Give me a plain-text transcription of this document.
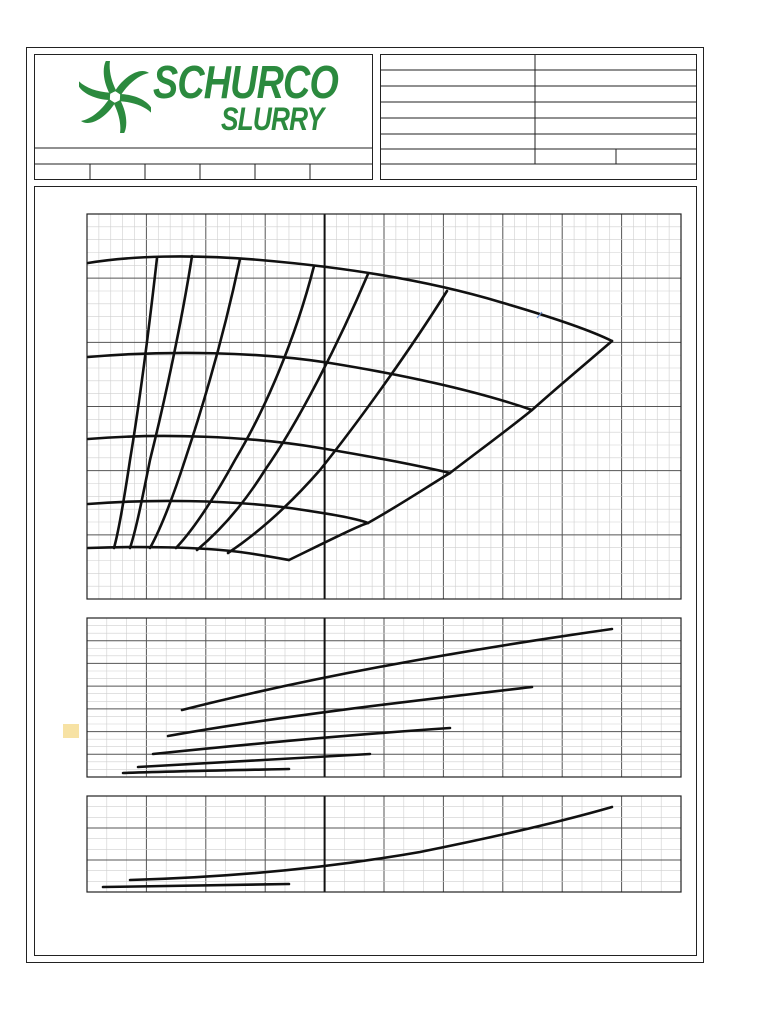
SCHURCO
SLURRY
